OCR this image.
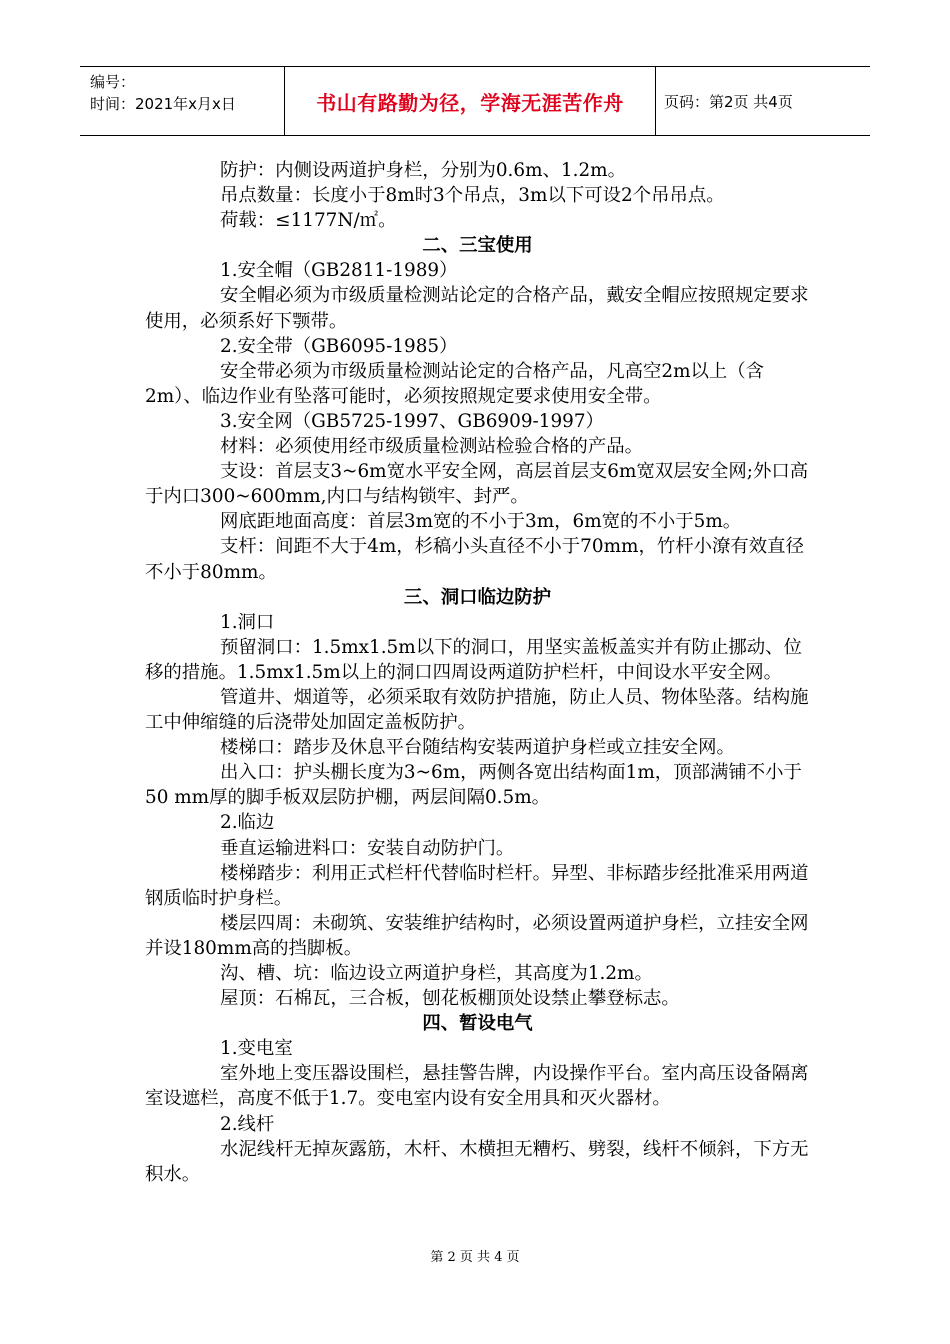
编号：
时间：2021年x月x日	书山有路勤为径，学海无涯苦作舟	页码：第2页 共4页

防护：内侧设两道护身栏，分别为0.6m、1.2m。

吊点数量：长度小于8m时3个吊点，3m以下可设2个吊吊点。

荷载：≤1177N/㎡。

二、三宝使用

1.安全帽（GB2811-1989）

安全帽必须为市级质量检测站论定的合格产品，戴安全帽应按照规定要求使用，必须系好下颚带。

2.安全带（GB6095-1985）

安全带必须为市级质量检测站论定的合格产品，凡高空2m以上（含2m）、临边作业有坠落可能时，必须按照规定要求使用安全带。

3.安全网（GB5725-1997、GB6909-1997）

材料：必须使用经市级质量检测站检验合格的产品。

支设：首层支3~6m宽水平安全网，高层首层支6m宽双层安全网;外口高于内口300~600mm,内口与结构锁牢、封严。

网底距地面高度：首层3m宽的不小于3m，6m宽的不小于5m。

支杆：间距不大于4m，杉稿小头直径不小于70mm，竹杆小潦有效直径不小于80mm。

三、洞口临边防护

1.洞口

预留洞口：1.5mx1.5m以下的洞口，用坚实盖板盖实并有防止挪动、位移的措施。1.5mx1.5m以上的洞口四周设两道防护栏杆，中间设水平安全网。

管道井、烟道等，必须采取有效防护措施，防止人员、物体坠落。结构施工中伸缩缝的后浇带处加固定盖板防护。

楼梯口：踏步及休息平台随结构安装两道护身栏或立挂安全网。

出入口：护头棚长度为3~6m，两侧各宽出结构面1m，顶部满铺不小于50 mm厚的脚手板双层防护棚，两层间隔0.5m。

2.临边

垂直运输进料口：安装自动防护门。

楼梯踏步：利用正式栏杆代替临时栏杆。异型、非标踏步经批准采用两道钢质临时护身栏。

楼层四周：未砌筑、安装维护结构时，必须设置两道护身栏，立挂安全网并设180mm高的挡脚板。

沟、槽、坑：临边设立两道护身栏，其高度为1.2m。

屋顶：石棉瓦，三合板，刨花板棚顶处设禁止攀登标志。

四、暂设电气

1.变电室

室外地上变压器设围栏，悬挂警告牌，内设操作平台。室内高压设备隔离室设遮栏，高度不低于1.7。变电室内设有安全用具和灭火器材。

2.线杆

水泥线杆无掉灰露筋，木杆、木横担无糟朽、劈裂，线杆不倾斜，下方无积水。

第 2 页 共 4 页
